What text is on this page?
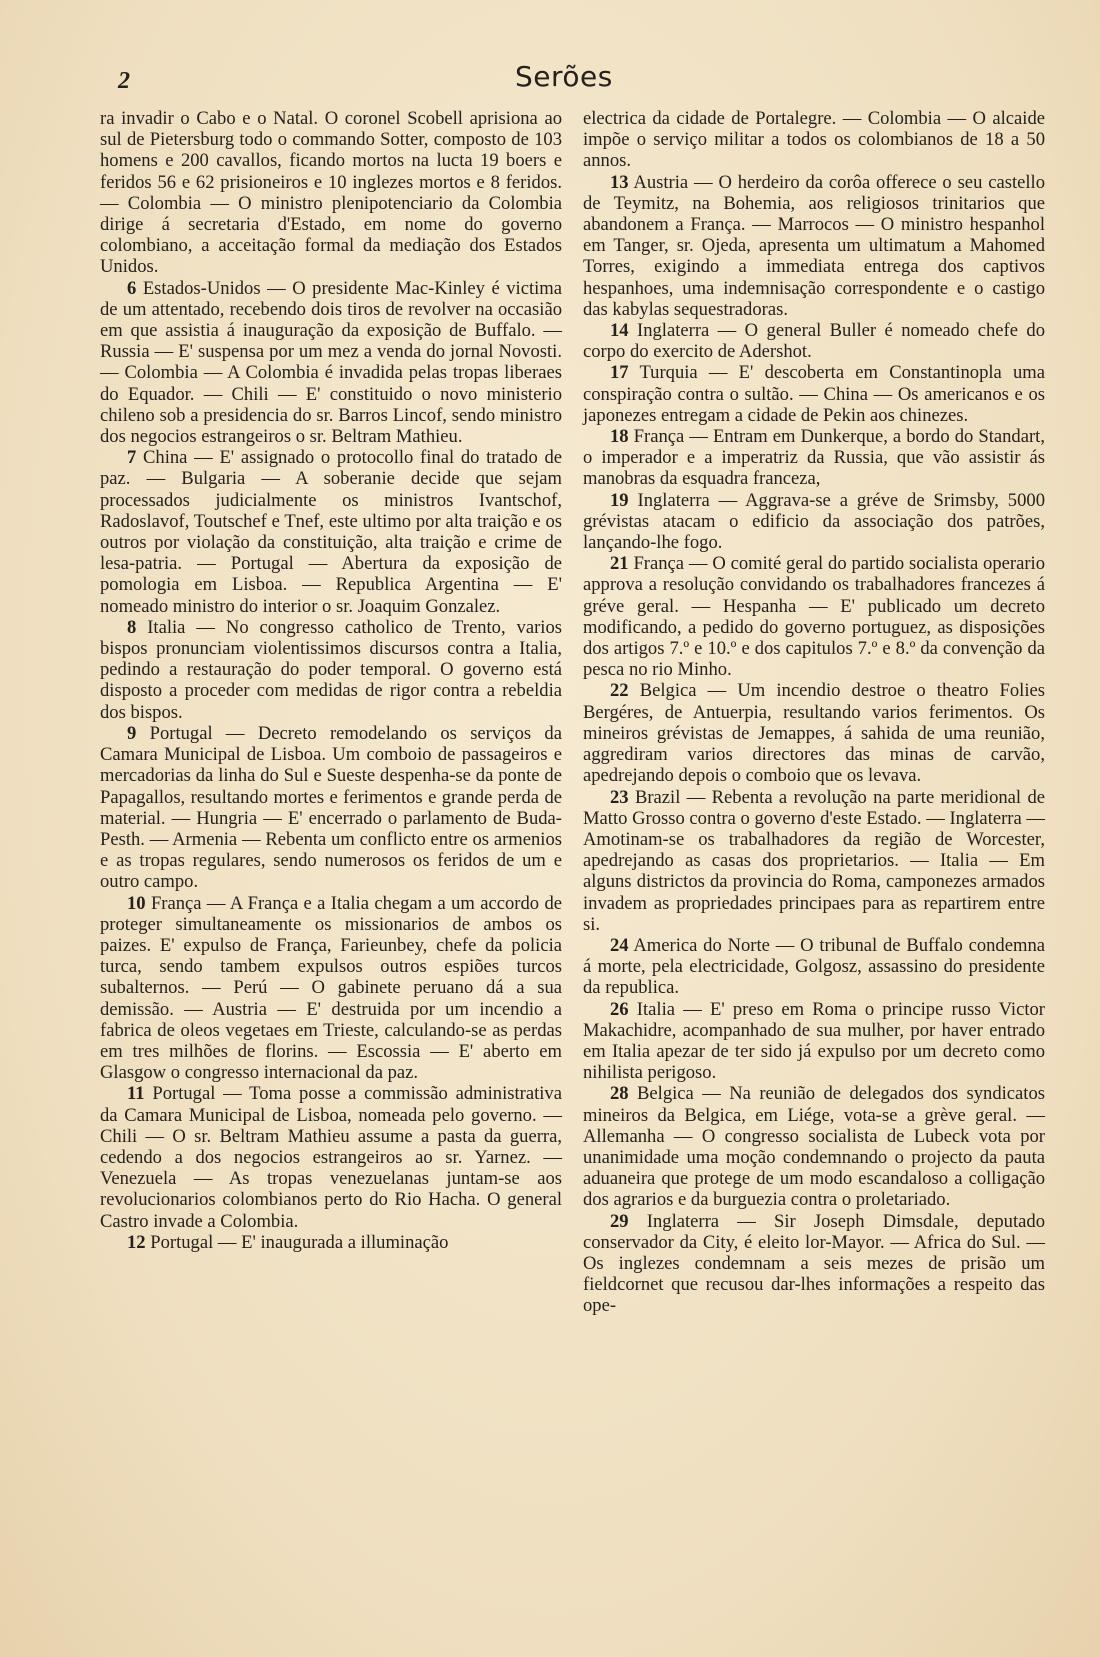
2	Serões

ra invadir o Cabo e o Natal. O coronel Scobell aprisiona ao sul de Pietersburg todo o commando Sotter, composto de 103 homens e 200 cavallos, ficando mortos na lucta 19 boers e feridos 56 e 62 prisioneiros e 10 inglezes mortos e 8 feridos. — Colombia — O ministro plenipotenciario da Colombia dirige á secretaria d'Estado, em nome do governo colombiano, a acceitação formal da mediação dos Estados Unidos.

6 Estados-Unidos — O presidente Mac-Kinley é victima de um attentado, recebendo dois tiros de revolver na occasião em que assistia á inauguração da exposição de Buffalo. — Russia — E' suspensa por um mez a venda do jornal Novosti. — Colombia — A Colombia é invadida pelas tropas liberaes do Equador. — Chili — E' constituido o novo ministerio chileno sob a presidencia do sr. Barros Lincof, sendo ministro dos negocios estrangeiros o sr. Beltram Mathieu.

7 China — E' assignado o protocollo final do tratado de paz. — Bulgaria — A soberanie decide que sejam processados judicialmente os ministros Ivantschof, Radoslavof, Toutschef e Tnef, este ultimo por alta traição e os outros por violação da constituição, alta traição e crime de lesa-patria. — Portugal — Abertura da exposição de pomologia em Lisboa. — Republica Argentina — E' nomeado ministro do interior o sr. Joaquim Gonzalez.

8 Italia — No congresso catholico de Trento, varios bispos pronunciam violentissimos discursos contra a Italia, pedindo a restauração do poder temporal. O governo está disposto a proceder com medidas de rigor contra a rebeldia dos bispos.

9 Portugal — Decreto remodelando os serviços da Camara Municipal de Lisboa. Um comboio de passageiros e mercadorias da linha do Sul e Sueste despenha-se da ponte de Papagallos, resultando mortes e ferimentos e grande perda de material. — Hungria — E' encerrado o parlamento de Buda-Pesth. — Armenia — Rebenta um conflicto entre os armenios e as tropas regulares, sendo numerosos os feridos de um e outro campo.

10 França — A França e a Italia chegam a um accordo de proteger simultaneamente os missionarios de ambos os paizes. E' expulso de França, Farieunbey, chefe da policia turca, sendo tambem expulsos outros espiões turcos subalternos. — Perú — O gabinete peruano dá a sua demissão. — Austria — E' destruida por um incendio a fabrica de oleos vegetaes em Trieste, calculando-se as perdas em tres milhões de florins. — Escossia — E' aberto em Glasgow o congresso internacional da paz.

11 Portugal — Toma posse a commissão administrativa da Camara Municipal de Lisboa, nomeada pelo governo. — Chili — O sr. Beltram Mathieu assume a pasta da guerra, cedendo a dos negocios estrangeiros ao sr. Yarnez. — Venezuela — As tropas venezuelanas juntam-se aos revolucionarios colombianos perto do Rio Hacha. O general Castro invade a Colombia.

12 Portugal — E' inaugurada a illuminação

electrica da cidade de Portalegre. — Colombia — O alcaide impõe o serviço militar a todos os colombianos de 18 a 50 annos.

13 Austria — O herdeiro da corôa offerece o seu castello de Teymitz, na Bohemia, aos religiosos trinitarios que abandonem a França. — Marrocos — O ministro hespanhol em Tanger, sr. Ojeda, apresenta um ultimatum a Mahomed Torres, exigindo a immediata entrega dos captivos hespanhoes, uma indemnisação correspondente e o castigo das kabylas sequestradoras.

14 Inglaterra — O general Buller é nomeado chefe do corpo do exercito de Adershot.

17 Turquia — E' descoberta em Constantinopla uma conspiração contra o sultão. — China — Os americanos e os japonezes entregam a cidade de Pekin aos chinezes.

18 França — Entram em Dunkerque, a bordo do Standart, o imperador e a imperatriz da Russia, que vão assistir ás manobras da esquadra franceza,

19 Inglaterra — Aggrava-se a gréve de Srimsby, 5000 grévistas atacam o edificio da associação dos patrões, lançando-lhe fogo.

21 França — O comité geral do partido socialista operario approva a resolução convidando os trabalhadores francezes á gréve geral. — Hespanha — E' publicado um decreto modificando, a pedido do governo portuguez, as disposições dos artigos 7.º e 10.º e dos capitulos 7.º e 8.º da convenção da pesca no rio Minho.

22 Belgica — Um incendio destroe o theatro Folies Bergéres, de Antuerpia, resultando varios ferimentos. Os mineiros grévistas de Jemappes, á sahida de uma reunião, aggrediram varios directores das minas de carvão, apedrejando depois o comboio que os levava.

23 Brazil — Rebenta a revolução na parte meridional de Matto Grosso contra o governo d'este Estado. — Inglaterra — Amotinam-se os trabalhadores da região de Worcester, apedrejando as casas dos proprietarios. — Italia — Em alguns districtos da provincia do Roma, camponezes armados invadem as propriedades principaes para as repartirem entre si.

24 America do Norte — O tribunal de Buffalo condemna á morte, pela electricidade, Golgosz, assassino do presidente da republica.

26 Italia — E' preso em Roma o principe russo Victor Makachidre, acompanhado de sua mulher, por haver entrado em Italia apezar de ter sido já expulso por um decreto como nihilista perigoso.

28 Belgica — Na reunião de delegados dos syndicatos mineiros da Belgica, em Liége, vota-se a grève geral. — Allemanha — O congresso socialista de Lubeck vota por unanimidade uma moção condemnando o projecto da pauta aduaneira que protege de um modo escandaloso a colligação dos agrarios e da burguezia contra o proletariado.

29 Inglaterra — Sir Joseph Dimsdale, deputado conservador da City, é eleito lor-Mayor. — Africa do Sul. — Os inglezes condemnam a seis mezes de prisão um fieldcornet que recusou dar-lhes informações a respeito das ope-
